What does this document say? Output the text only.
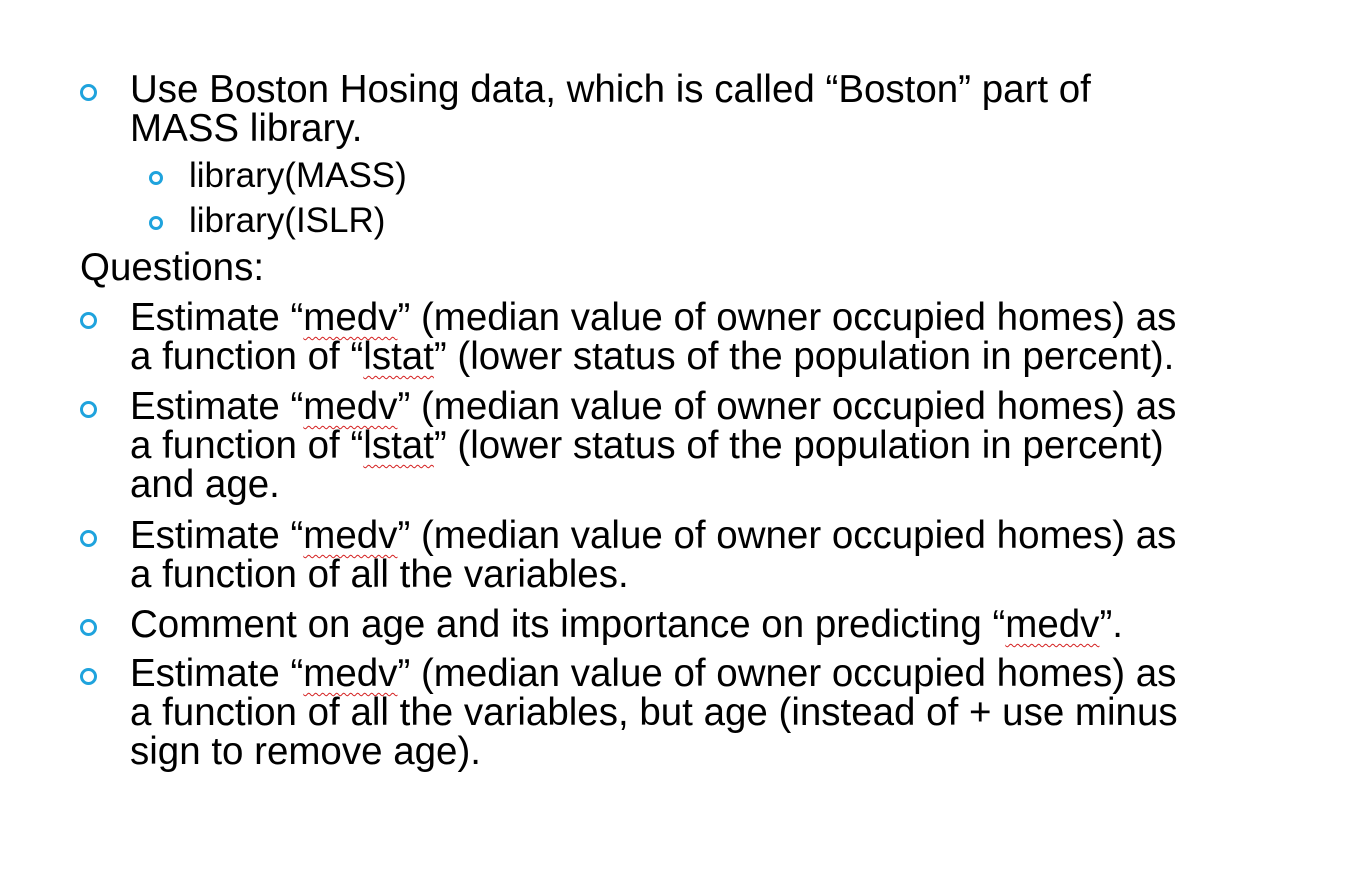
Use Boston Hosing data, which is called “Boston” part of
MASS library.
library(MASS)
library(ISLR)
Questions:
Estimate “medv” (median value of owner occupied homes) as
a function of “lstat” (lower status of the population in percent).
Estimate “medv” (median value of owner occupied homes) as
a function of “lstat” (lower status of the population in percent)
and age.
Estimate “medv” (median value of owner occupied homes) as
a function of all the variables.
Comment on age and its importance on predicting “medv”.
Estimate “medv” (median value of owner occupied homes) as
a function of all the variables, but age (instead of + use minus
sign to remove age).
